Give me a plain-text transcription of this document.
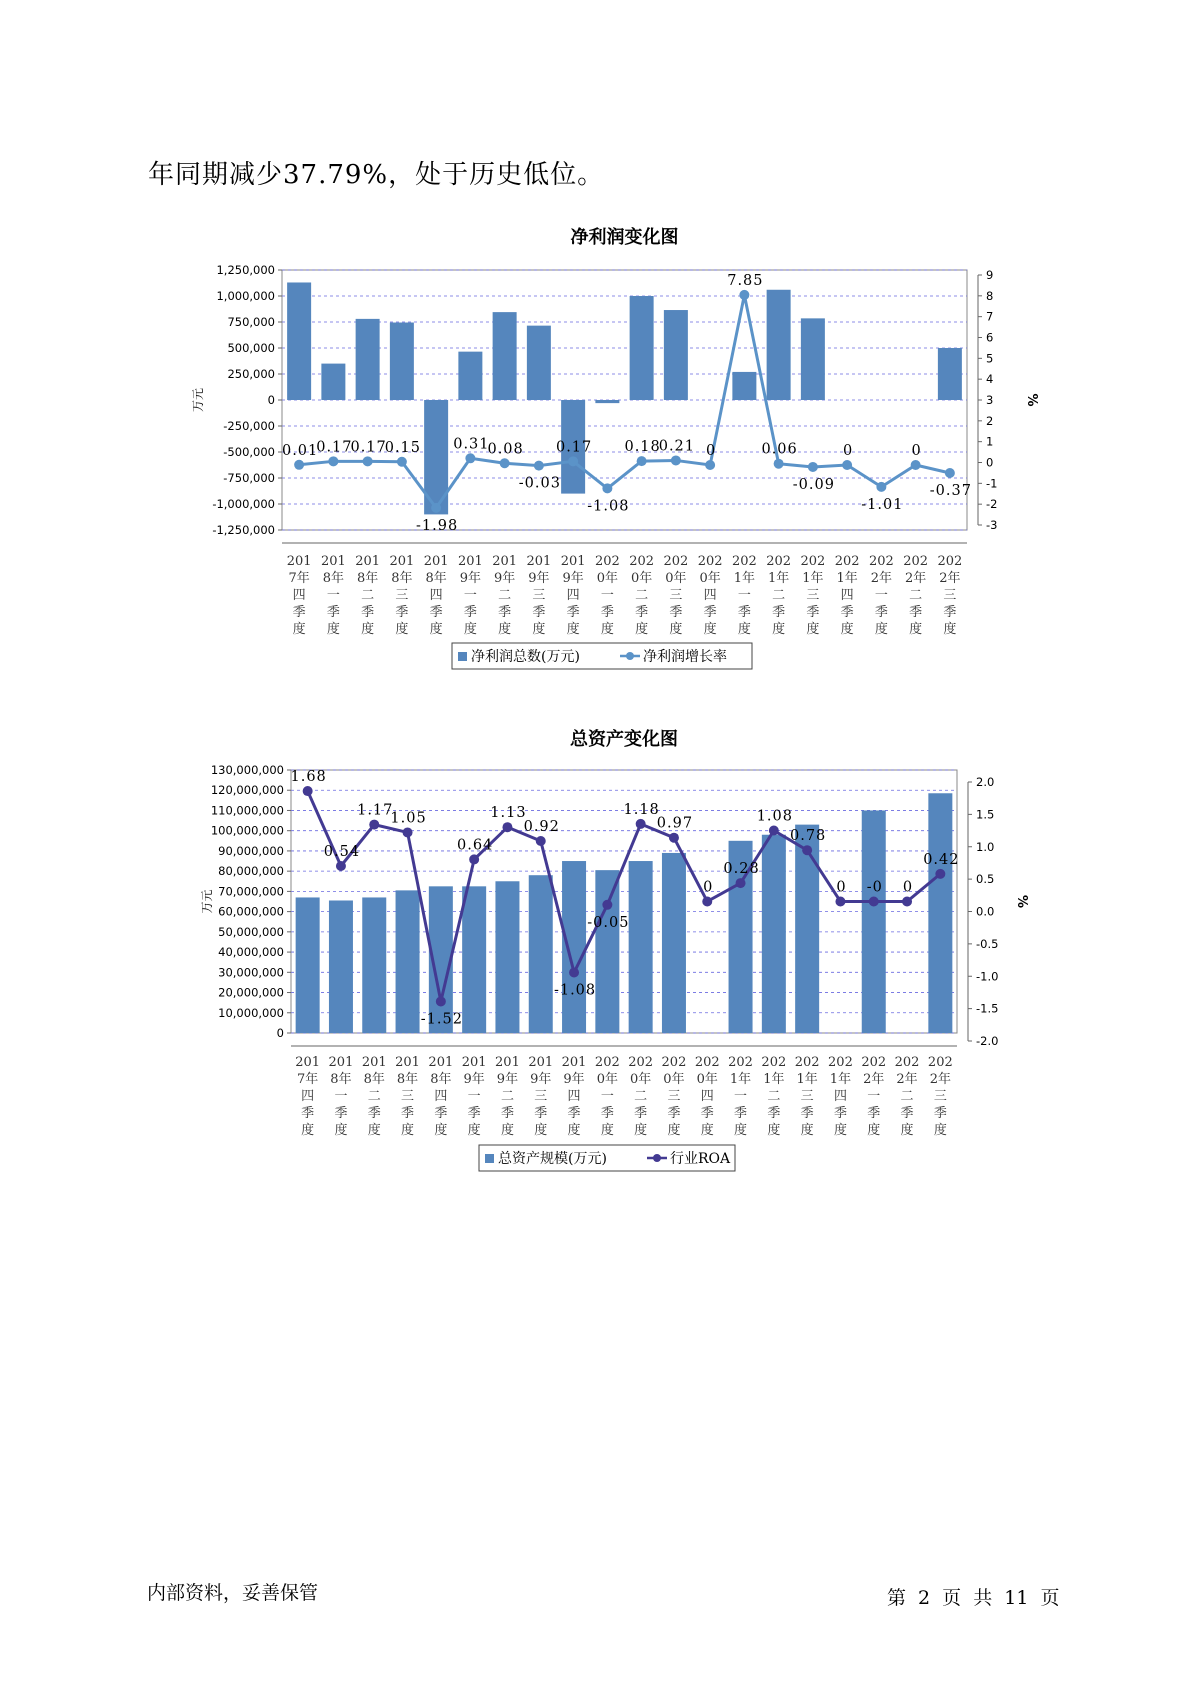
年同期减少37.79%，处于历史低位。
净利润变化图
1,250,000
1,000,000
750,000
500,000
250,000
0
-250,000
-500,000
-750,000
-1,000,000
-1,250,000
9
8
7
6
5
4
3
2
1
0
-1
-2
-3
万元	%
0.01
0.17
0.17
0.15
-1.98
0.31
0.08
-0.03
0.17
-1.08
0.18
0.21 0
7.85
0.06
-0.09
0
-1.01
0
-0.37
201
7年
四
季
度
201
8年
一
季
度
201
8年
二
季
度
201
8年
三
季
度
201
8年
四
季
度
201
9年
一
季
度
201
9年
二
季
度
201
9年
三
季
度
201
9年
四
季
度
202
0年
一
季
度
202
0年
二
季
度
202
0年
三
季
度
202
0年
四
季
度
202
1年
一
季
度
202
1年
二
季
度
202
1年
三
季
度
202
1年
四
季
度
202
2年
一
季
度
202
2年
二
季
度
202
2年
三
季
度
净利润总数(万元)	净利润增长率
总资产变化图
130,000,000
120,000,000
110,000,000
100,000,000
90,000,000
80,000,000
70,000,000
60,000,000
50,000,000
40,000,000
30,000,000
20,000,000
10,000,000
0
2.0
1.5
1.0
0.5
0.0
-0.5
-1.0
-1.5
-2.0
万元	%
1.68
0.54
1.17
1.05
-1.52
0.64
1.13
0.92
-1.08
-0.05
1.18
0.97
0
0.28
1.08
0.78
0 -0 0
0.42
201
7年
四
季
度
201
8年
一
季
度
201
8年
二
季
度
201
8年
三
季
度
201
8年
四
季
度
201
9年
一
季
度
201
9年
二
季
度
201
9年
三
季
度
201
9年
四
季
度
202
0年
一
季
度
202
0年
二
季
度
202
0年
三
季
度
202
0年
四
季
度
202
1年
一
季
度
202
1年
二
季
度
202
1年
三
季
度
202
1年
四
季
度
202
2年
一
季
度
202
2年
二
季
度
202
2年
三
季
度
总资产规模(万元)	行业ROA
内部资料，妥善保管	第 2 页 共 11 页
